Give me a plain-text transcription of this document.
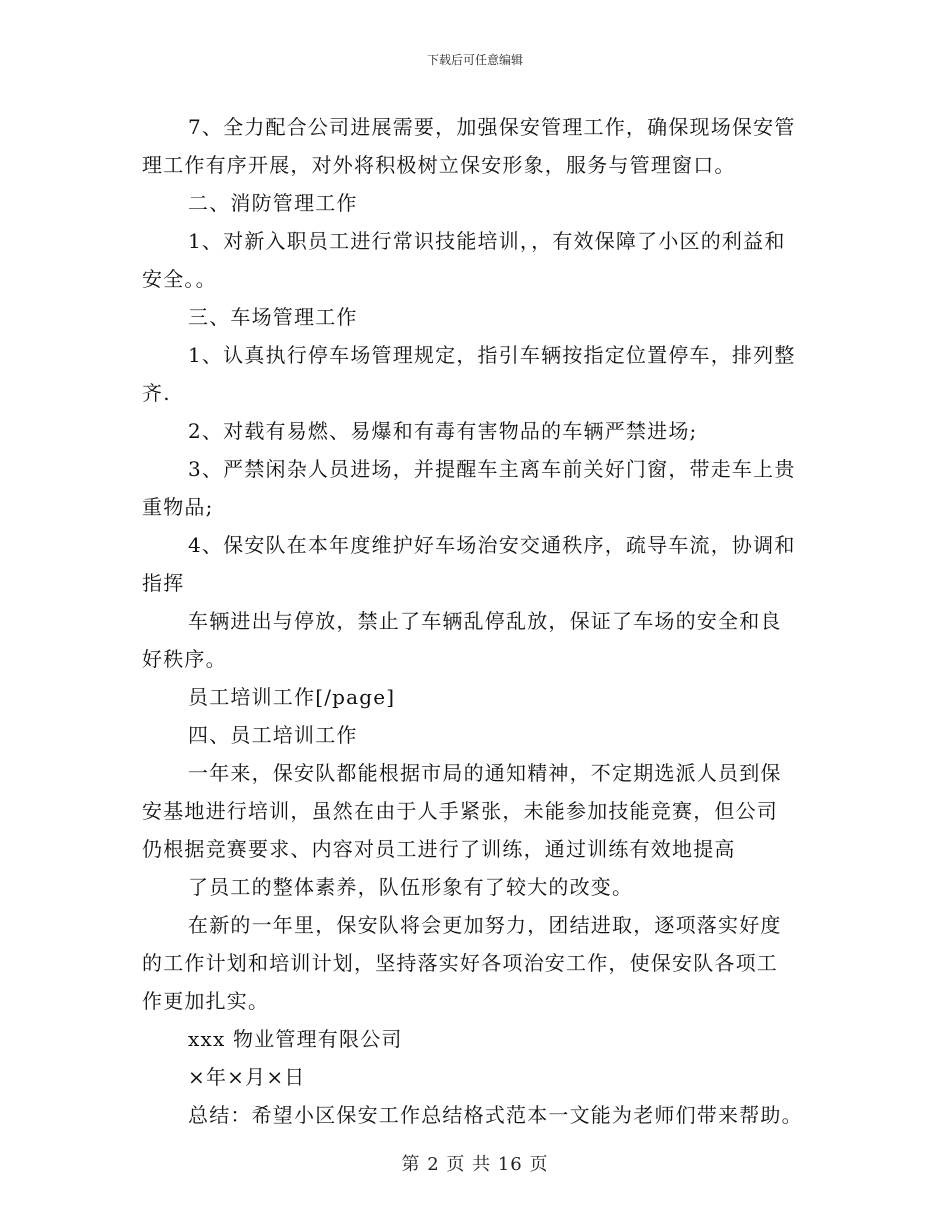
下载后可任意编辑

7、全力配合公司进展需要，加强保安管理工作，确保现场保安管

理工作有序开展，对外将积极树立保安形象，服务与管理窗口。

二、消防管理工作

1、对新入职员工进行常识技能培训，，有效保障了小区的利益和

安全。。

三、车场管理工作

1、认真执行停车场管理规定，指引车辆按指定位置停车，排列整

齐.

2、对载有易燃、易爆和有毒有害物品的车辆严禁进场;

3、严禁闲杂人员进场，并提醒车主离车前关好门窗，带走车上贵

重物品;

4、保安队在本年度维护好车场治安交通秩序，疏导车流，协调和

指挥

车辆进出与停放，禁止了车辆乱停乱放，保证了车场的安全和良

好秩序。

员工培训工作[/page]

四、员工培训工作

一年来，保安队都能根据市局的通知精神，不定期选派人员到保

安基地进行培训，虽然在由于人手紧张，未能参加技能竞赛，但公司

仍根据竞赛要求、内容对员工进行了训练，通过训练有效地提高

了员工的整体素养，队伍形象有了较大的改变。

在新的一年里，保安队将会更加努力，团结进取，逐项落实好度

的工作计划和培训计划，坚持落实好各项治安工作，使保安队各项工

作更加扎实。

xxx 物业管理有限公司

×年×月×日

总结：希望小区保安工作总结格式范本一文能为老师们带来帮助。

第 2 页 共 16 页
